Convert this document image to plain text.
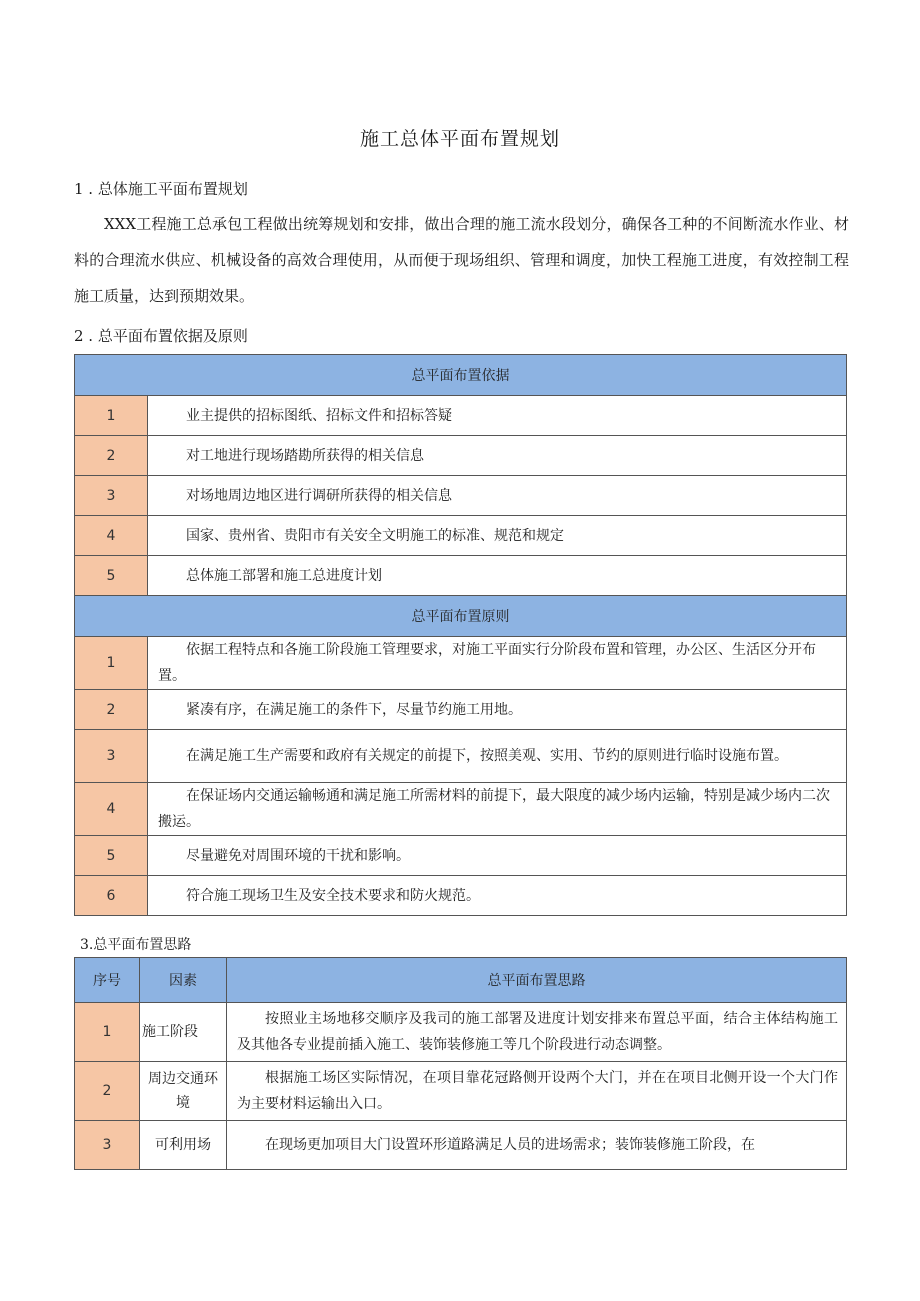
施工总体平面布置规划
1 . 总体施工平面布置规划
XXX工程施工总承包工程做出统筹规划和安排，做出合理的施工流水段划分，确保各工种的不间断流水作业、材料的合理流水供应、机械设备的高效合理使用，从而便于现场组织、管理和调度，加快工程施工进度，有效控制工程施工质量，达到预期效果。
2 . 总平面布置依据及原则
总平面布置依据	
1	业主提供的招标图纸、招标文件和招标答疑
2	对工地进行现场踏勘所获得的相关信息
3	对场地周边地区进行调研所获得的相关信息
4	国家、贵州省、贵阳市有关安全文明施工的标准、规范和规定
5	总体施工部署和施工总进度计划
总平面布置原则	
1	依据工程特点和各施工阶段施工管理要求，对施工平面实行分阶段布置和管理，办公区、生活区分开布置。
2	紧凑有序，在满足施工的条件下，尽量节约施工用地。
3	在满足施工生产需要和政府有关规定的前提下，按照美观、实用、节约的原则进行临时设施布置。
4	在保证场内交通运输畅通和满足施工所需材料的前提下，最大限度的减少场内运输，特别是减少场内二次搬运。
5	尽量避免对周围环境的干扰和影响。
6	符合施工现场卫生及安全技术要求和防火规范。
3.总平面布置思路
序号	因素	总平面布置思路
1	施工阶段	按照业主场地移交顺序及我司的施工部署及进度计划安排来布置总平面，结合主体结构施工及其他各专业提前插入施工、装饰装修施工等几个阶段进行动态调整。
2	周边交通环境	根据施工场区实际情况，在项目靠花冠路侧开设两个大门，并在在项目北侧开设一个大门作为主要材料运输出入口。
3	可利用场	在现场更加项目大门设置环形道路满足人员的进场需求；装饰装修施工阶段，在
